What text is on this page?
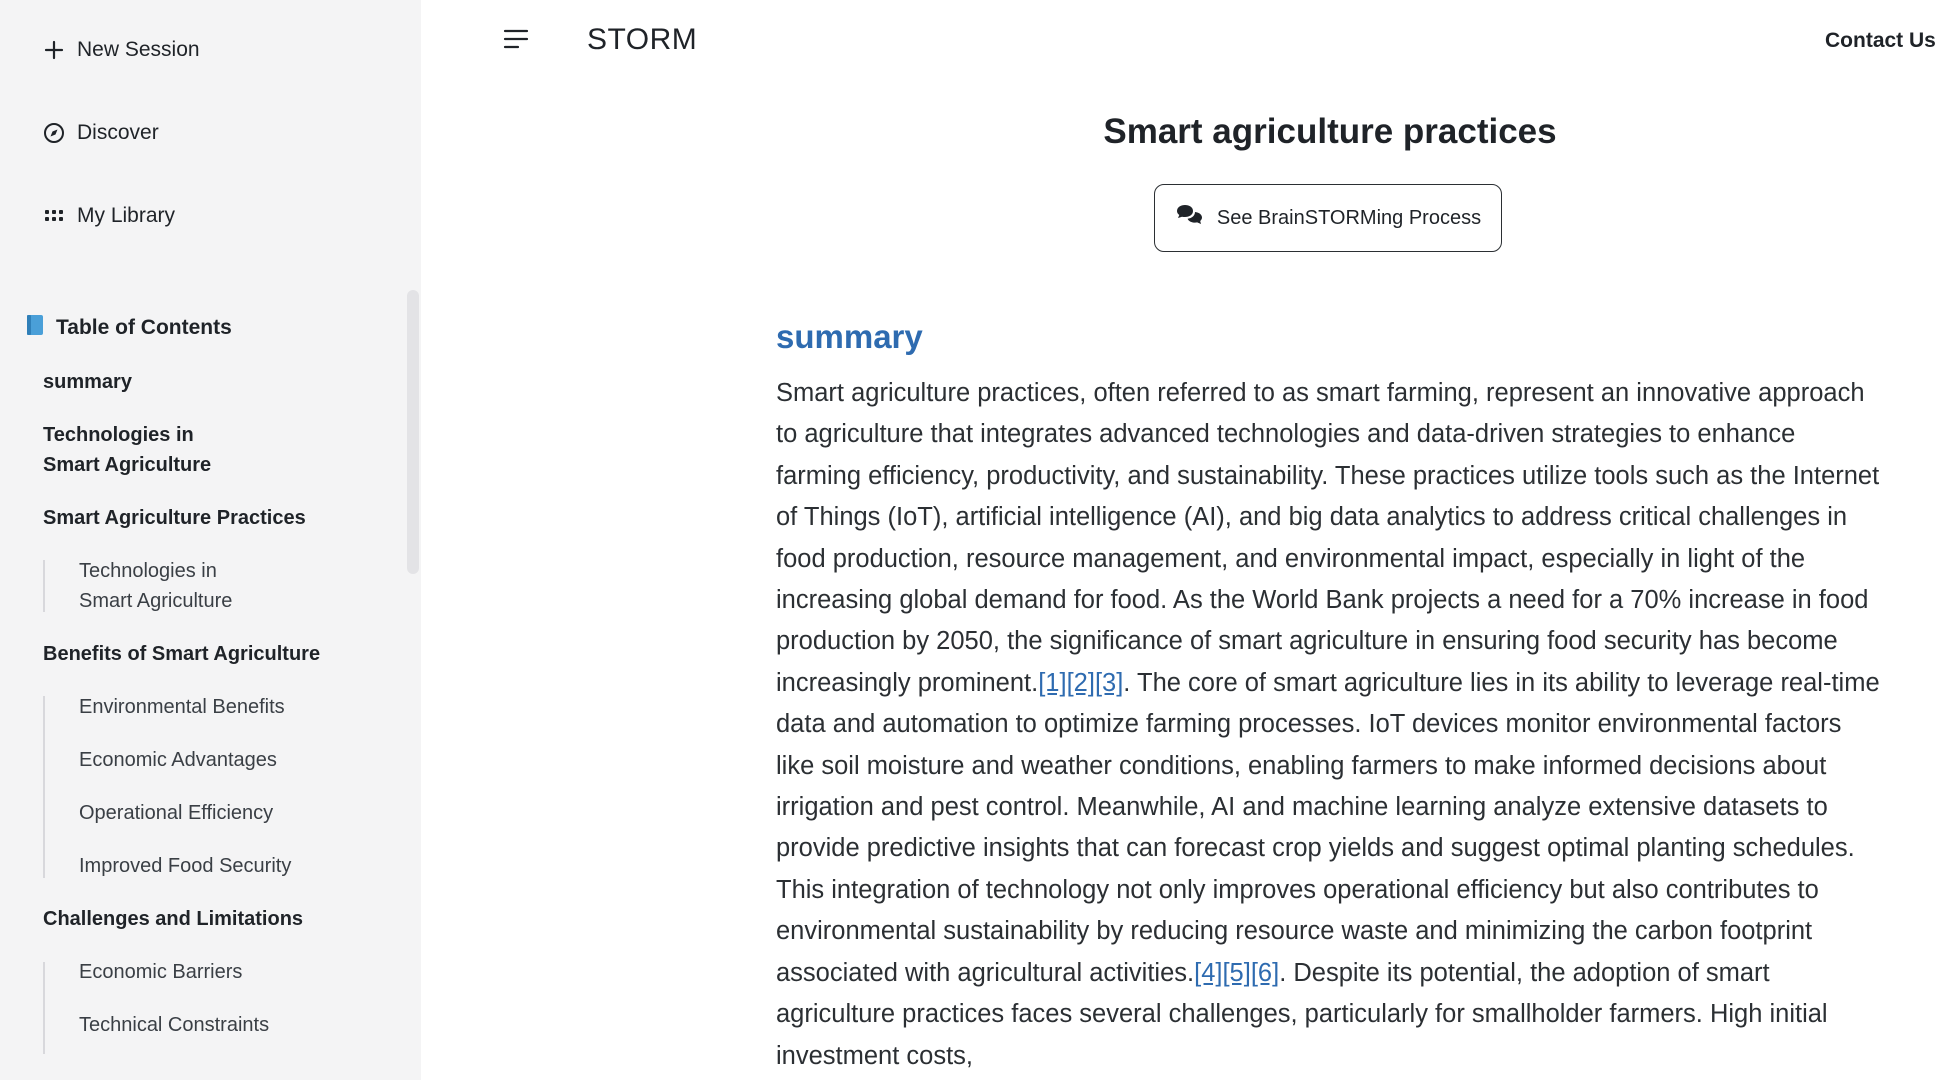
New Session
Discover
My Library
Table of Contents
summary
Technologies in
Smart Agriculture
Smart Agriculture Practices
Technologies in
Smart Agriculture
Benefits of Smart Agriculture
Environmental Benefits
Economic Advantages
Operational Efficiency
Improved Food Security
Challenges and Limitations
Economic Barriers
Technical Constraints
STORM	Contact Us
Smart agriculture practices
See BrainSTORMing Process
summary

Smart agriculture practices, often referred to as smart farming, represent an innovative approach to agriculture that integrates advanced technologies and data-driven strategies to enhance farming efficiency, productivity, and sustainability. These practices utilize tools such as the Internet of Things (IoT), artificial intelligence (AI), and big data analytics to address critical challenges in food production, resource management, and environmental impact, especially in light of the increasing global demand for food. As the World Bank projects a need for a 70% increase in food production by 2050, the significance of smart agriculture in ensuring food security has become increasingly prominent.[1][2][3]. The core of smart agriculture lies in its ability to leverage real-time data and automation to optimize farming processes. IoT devices monitor environmental factors like soil moisture and weather conditions, enabling farmers to make informed decisions about irrigation and pest control. Meanwhile, AI and machine learning analyze extensive datasets to provide predictive insights that can forecast crop yields and suggest optimal planting schedules. This integration of technology not only improves operational efficiency but also contributes to environmental sustainability by reducing resource waste and minimizing the carbon footprint associated with agricultural activities.[4][5][6]. Despite its potential, the adoption of smart agriculture practices faces several challenges, particularly for smallholder farmers. High initial investment costs,
